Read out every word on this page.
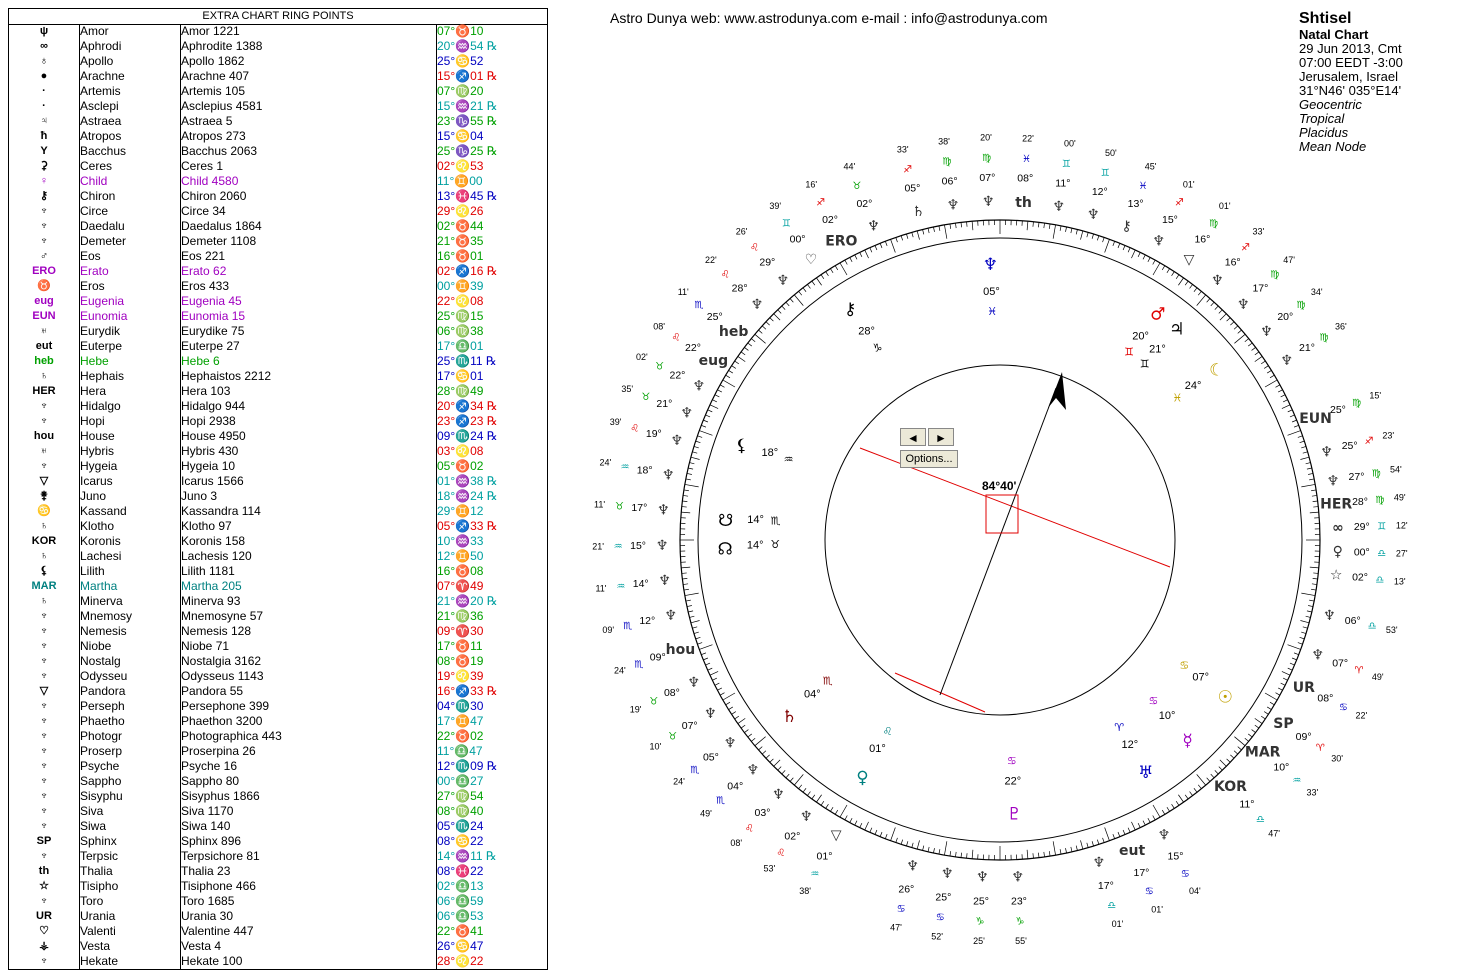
EXTRA CHART RING POINTS
ψ	Amor	Amor 1221	07°♉10
∞	Aphrodi	Aphrodite 1388	20°♒54 ℞
♁	Apollo	Apollo 1862	25°♋52
●	Arachne	Arachne 407	15°♐01 ℞
·	Artemis	Artemis 105	07°♍20
·	Asclepi	Asclepius 4581	15°♒21 ℞
♃	Astraea	Astraea 5	23°♑55 ℞
ħ	Atropos	Atropos 273	15°♋04
Y	Bacchus	Bacchus 2063	25°♑25 ℞
⚳	Ceres	Ceres 1	02°♌53
♀	Child	Child 4580	11°♊00
⚷	Chiron	Chiron 2060	13°♓45 ℞
♆	Circe	Circe 34	29°♌26
♆	Daedalu	Daedalus 1864	02°♉44
♆	Demeter	Demeter 1108	21°♉35
♂	Eos	Eos 221	16°♉01
ERO	Erato	Erato 62	02°♐16 ℞
♉	Eros	Eros 433	00°♊39
eug	Eugenia	Eugenia 45	22°♌08
EUN	Eunomia	Eunomia 15	25°♍15
♅	Eurydik	Eurydike 75	06°♍38
eut	Euterpe	Euterpe 27	17°♎01
heb	Hebe	Hebe 6	25°♏11 ℞
♄	Hephais	Hephaistos 2212	17°♋01
HER	Hera	Hera 103	28°♍49
♆	Hidalgo	Hidalgo 944	20°♐34 ℞
♆	Hopi	Hopi 2938	23°♐23 ℞
hou	House	House 4950	09°♏24 ℞
♅	Hybris	Hybris 430	03°♌08
♆	Hygeia	Hygeia 10	05°♉02
▽	Icarus	Icarus 1566	01°♒38 ℞
⚵	Juno	Juno 3	18°♒24 ℞
♋	Kassand	Kassandra 114	29°♊12
♄	Klotho	Klotho 97	05°♐33 ℞
KOR	Koronis	Koronis 158	10°♒33
♄	Lachesi	Lachesis 120	12°♊50
⚸	Lilith	Lilith 1181	16°♉08
MAR	Martha	Martha 205	07°♈49
♄	Minerva	Minerva 93	21°♒20 ℞
♆	Mnemosy	Mnemosyne 57	21°♍36
♆	Nemesis	Nemesis 128	09°♈30
♆	Niobe	Niobe 71	17°♉11
♆	Nostalg	Nostalgia 3162	08°♉19
♆	Odysseu	Odysseus 1143	19°♌39
▽	Pandora	Pandora 55	16°♐33 ℞
♆	Perseph	Persephone 399	04°♏30
♆	Phaetho	Phaethon 3200	17°♊47
♆	Photogr	Photographica 443	22°♉02
♆	Proserp	Proserpina 26	11°♎47
♆	Psyche	Psyche 16	12°♏09 ℞
♆	Sappho	Sappho 80	00°♎27
♆	Sisyphu	Sisyphus 1866	27°♍54
♆	Siva	Siva 1170	08°♍40
♆	Siwa	Siwa 140	05°♏24
SP	Sphinx	Sphinx 896	08°♋22
♆	Terpsic	Terpsichore 81	14°♒11 ℞
th	Thalia	Thalia 23	08°♓22
☆	Tisipho	Tisiphone 466	02°♎13
♆	Toro	Toro 1685	06°♎59
UR	Urania	Urania 30	06°♎53
♡	Valenti	Valentine 447	22°♉41
⚶	Vesta	Vesta 4	26°♋47
♆	Hekate	Hekate 100	28°♌22
Astro Dunya web: www.astrodunya.com e-mail : info@astrodunya.com	Shtisel
Natal Chart
29 Jun 2013, Cmt
07:00 EEDT -3:00
Jerusalem, Israel
31°N46' 035°E14'
Geocentric
Tropical
Placidus
Mean Node
☊ 14° ♉
☋ 14° ♏
☾
24°
♓
♃
21°
♊
♂
20°
♊
☉
07°
♋
☿
10°
♋
♅
12°
♈
♆
05°
♓
♇
22°
♋
♀
01°
♌
♄
04°
♏
⚷
28°
♑
⚸ 18° ♒
☆ 02° ♎ 13'
♀ 00° ♎ 27'
∞ 29° ♊ 12'
HER 28° ♍ 49'
♆ 27° ♍ 54'
♆ 25° ♐
23'
EUN
25°
♍
15'
♆
21°
♍
36'
♆
20°
♍
34'
♆
17°
♍
47'
♆
16°
♐
33'
▽
16°
♍
01'
♆
15°
♐
01'
⚷
13°
♓
45'
♆
12°
♊
50'
♆
11°
♊
00'
th
08°
♓
22'
♆
07°
♍
20'
♆
06°
♍
38'
♄
05°
♐
33'
♆
02°
♉
44'
ERO
02°
♐
16'
♡
00°
♊
39'
♆
29°
♌
26'
♆
28°
♌
22'
heb
25°
♏
11'
eug
22°
♌
08'
♆
22°
♉
02'
♆
21°
♉
35'
♆
19°
♌
39'
♆
18°
♒
24'
♆
17°
♉
11'
♆
15°
♒
21'
♆
14°
♒
11'
♆
12°
♏
09'
hou
09°
♏
24'
♆
08°
♉
19'	♆
07°
♉
10'	♆
05°
♏
24'
♆
04°
♏
49'
♆
03°
♌
08'
♆
02°
♌
53'
▽
01°
♒
38'
♆
26°
♋
47'
♆
25°
♋
52'
♆
25°
♑
25'
♆
23°
♑
55'
♆
17°
♎
01'
eut
17°
♋
01'
♆
15°
♋
04'
KOR
11°
♎
47'
MAR
10°
♒
33'
SP
09°
♈
30'
UR
08°
♋
22'
♆ 07°
♈
49'
♆ 06° ♎ 53'
84°40'
◄	►
Options...
